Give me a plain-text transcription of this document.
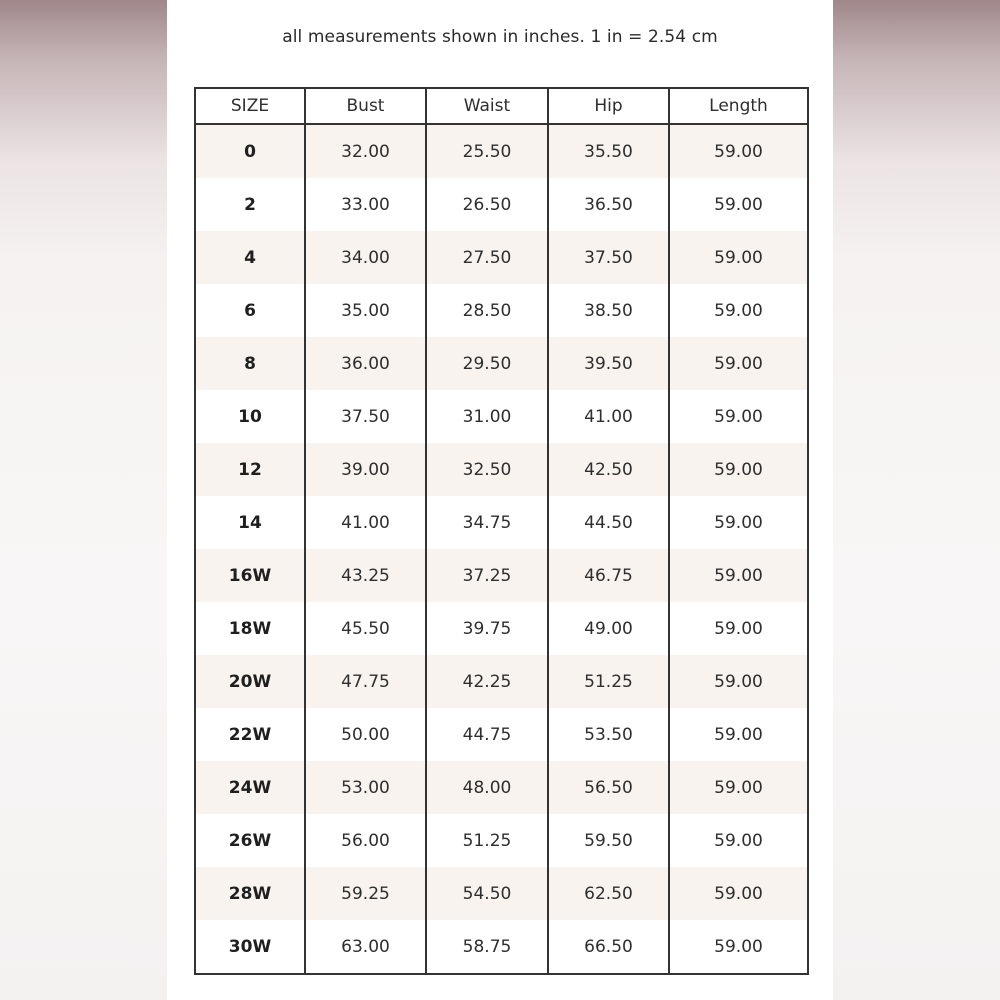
all measurements shown in inches. 1 in = 2.54 cm
SIZE	Bust	Waist	Hip	Length
0	32.00	25.50	35.50	59.00
2	33.00	26.50	36.50	59.00
4	34.00	27.50	37.50	59.00
6	35.00	28.50	38.50	59.00
8	36.00	29.50	39.50	59.00
10	37.50	31.00	41.00	59.00
12	39.00	32.50	42.50	59.00
14	41.00	34.75	44.50	59.00
16W	43.25	37.25	46.75	59.00
18W	45.50	39.75	49.00	59.00
20W	47.75	42.25	51.25	59.00
22W	50.00	44.75	53.50	59.00
24W	53.00	48.00	56.50	59.00
26W	56.00	51.25	59.50	59.00
28W	59.25	54.50	62.50	59.00
30W	63.00	58.75	66.50	59.00
